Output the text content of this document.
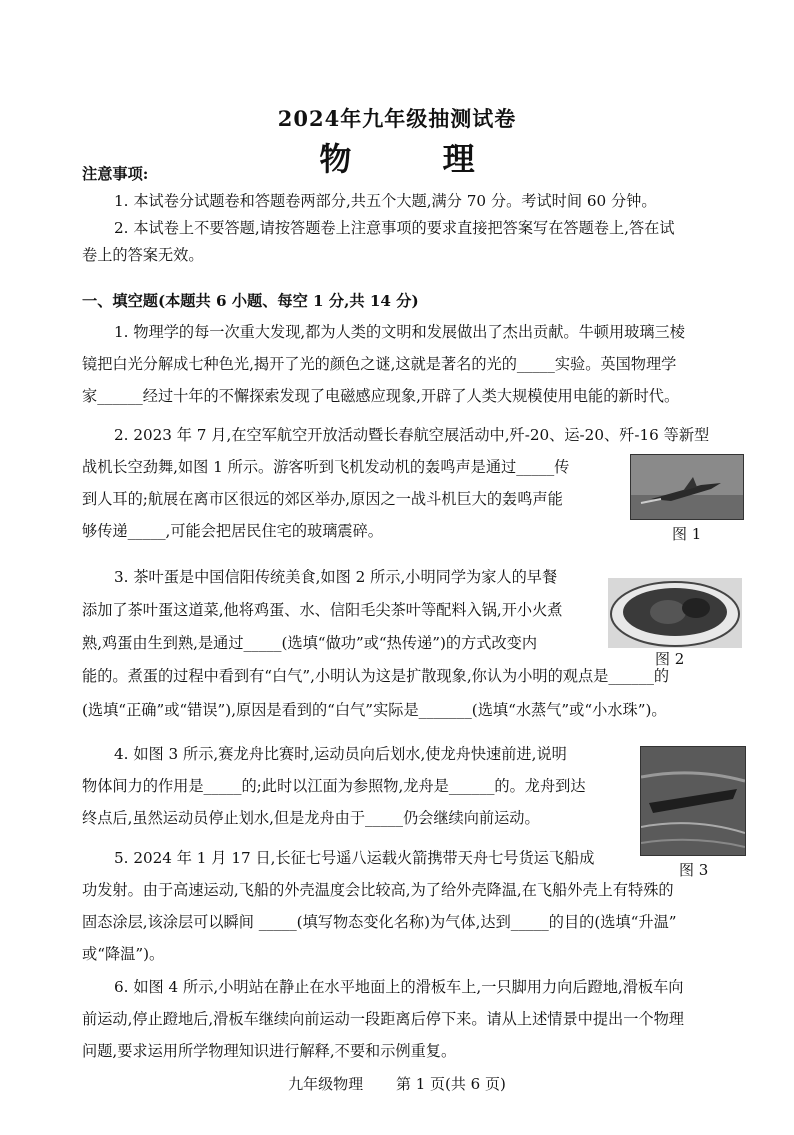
2024年九年级抽测试卷
物 理
注意事项:
1. 本试卷分试题卷和答题卷两部分,共五个大题,满分 70 分。考试时间 60 分钟。
2. 本试卷上不要答题,请按答题卷上注意事项的要求直接把答案写在答题卷上,答在试
卷上的答案无效。
一、填空题(本题共 6 小题、每空 1 分,共 14 分)
1. 物理学的每一次重大发现,都为人类的文明和发展做出了杰出贡献。牛顿用玻璃三棱
镜把白光分解成七种色光,揭开了光的颜色之谜,这就是著名的光的_____实验。英国物理学
家______经过十年的不懈探索发现了电磁感应现象,开辟了人类大规模使用电能的新时代。
2. 2023 年 7 月,在空军航空开放活动暨长春航空展活动中,歼-20、运-20、歼-16 等新型
战机长空劲舞,如图 1 所示。游客听到飞机发动机的轰鸣声是通过_____传
到人耳的;航展在离市区很远的郊区举办,原因之一战斗机巨大的轰鸣声能
够传递_____,可能会把居民住宅的玻璃震碎。	图 1
3. 茶叶蛋是中国信阳传统美食,如图 2 所示,小明同学为家人的早餐
添加了茶叶蛋这道菜,他将鸡蛋、水、信阳毛尖茶叶等配料入锅,开小火煮
熟,鸡蛋由生到熟,是通过_____(选填“做功”或“热传递”)的方式改变内
能的。煮蛋的过程中看到有“白气”,小明认为这是扩散现象,你认为小明的观点是______的
(选填“正确”或“错误”),原因是看到的“白气”实际是_______(选填“水蒸气”或“小水珠”)。
图 2
4. 如图 3 所示,赛龙舟比赛时,运动员向后划水,使龙舟快速前进,说明
物体间力的作用是_____的;此时以江面为参照物,龙舟是______的。龙舟到达
终点后,虽然运动员停止划水,但是龙舟由于_____仍会继续向前运动。
图 3
5. 2024 年 1 月 17 日,长征七号遥八运载火箭携带天舟七号货运飞船成
功发射。由于高速运动,飞船的外壳温度会比较高,为了给外壳降温,在飞船外壳上有特殊的
固态涂层,该涂层可以瞬间 _____(填写物态变化名称)为气体,达到_____的目的(选填“升温”
或“降温”)。
6. 如图 4 所示,小明站在静止在水平地面上的滑板车上,一只脚用力向后蹬地,滑板车向
前运动,停止蹬地后,滑板车继续向前运动一段距离后停下来。请从上述情景中提出一个物理
问题,要求运用所学物理知识进行解释,不要和示例重复。
九年级物理 第 1 页(共 6 页)
